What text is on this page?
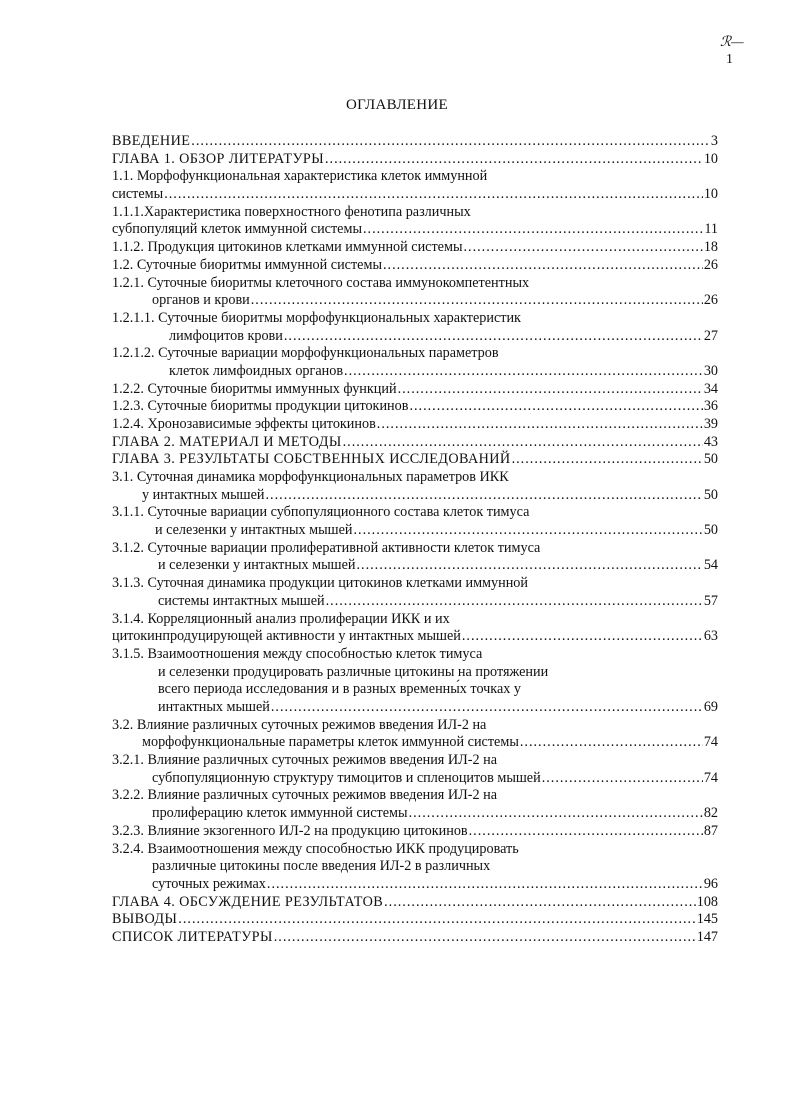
ℛ—
1
ОГЛАВЛЕНИЕ
ВВЕДЕНИЕ .....	3
ГЛАВА 1. ОБЗОР ЛИТЕРАТУРЫ .....	10
1.1. Морфофункциональная характеристика клеток иммунной
системы .....	10
1.1.1.Характеристика поверхностного фенотипа различных
субпопуляций клеток иммунной системы .....	11
1.1.2. Продукция цитокинов клетками иммунной системы .....	18
1.2. Суточные биоритмы иммунной системы .....	26
1.2.1. Суточные биоритмы клеточного состава иммунокомпетентных
органов и крови .....	26
1.2.1.1. Суточные биоритмы морфофункциональных характеристик
лимфоцитов крови .....	27
1.2.1.2. Суточные вариации морфофункциональных параметров
клеток лимфоидных органов .....	30
1.2.2. Суточные биоритмы иммунных функций .....	34
1.2.3. Суточные биоритмы продукции цитокинов .....	36
1.2.4. Хронозависимые эффекты цитокинов .....	39
ГЛАВА 2. МАТЕРИАЛ И МЕТОДЫ .....	43
ГЛАВА 3. РЕЗУЛЬТАТЫ СОБСТВЕННЫХ ИССЛЕДОВАНИЙ .....	50
3.1. Суточная динамика морфофункциональных параметров ИКК
у интактных мышей .....	50
3.1.1. Суточные вариации субпопуляционного состава клеток тимуса
и селезенки у интактных мышей .....	50
3.1.2. Суточные вариации пролиферативной активности клеток тимуса
и селезенки у интактных мышей .....	54
3.1.3. Суточная динамика продукции цитокинов клетками иммунной
системы интактных мышей .....	57
3.1.4. Корреляционный анализ пролиферации ИКК и их
цитокинпродуцирующей активности у интактных мышей .....	63
3.1.5. Взаимоотношения между способностью клеток тимуса
и селезенки продуцировать различные цитокины на протяжении
всего периода исследования и в разных временны́х точках у
интактных мышей .....	69
3.2. Влияние различных суточных режимов введения ИЛ-2 на
морфофункциональные параметры клеток иммунной системы .....	74
3.2.1. Влияние различных суточных режимов введения ИЛ-2 на
субпопуляционную структуру тимоцитов и спленоцитов мышей .....	74
3.2.2. Влияние различных суточных режимов введения ИЛ-2 на
пролиферацию клеток иммунной системы .....	82
3.2.3. Влияние экзогенного ИЛ-2 на продукцию цитокинов .....	87
3.2.4. Взаимоотношения между способностью ИКК продуцировать
различные цитокины после введения ИЛ-2 в различных
суточных режимах .....	96
ГЛАВА 4. ОБСУЖДЕНИЕ РЕЗУЛЬТАТОВ .....	108
ВЫВОДЫ .....	145
СПИСОК ЛИТЕРАТУРЫ .....	147
